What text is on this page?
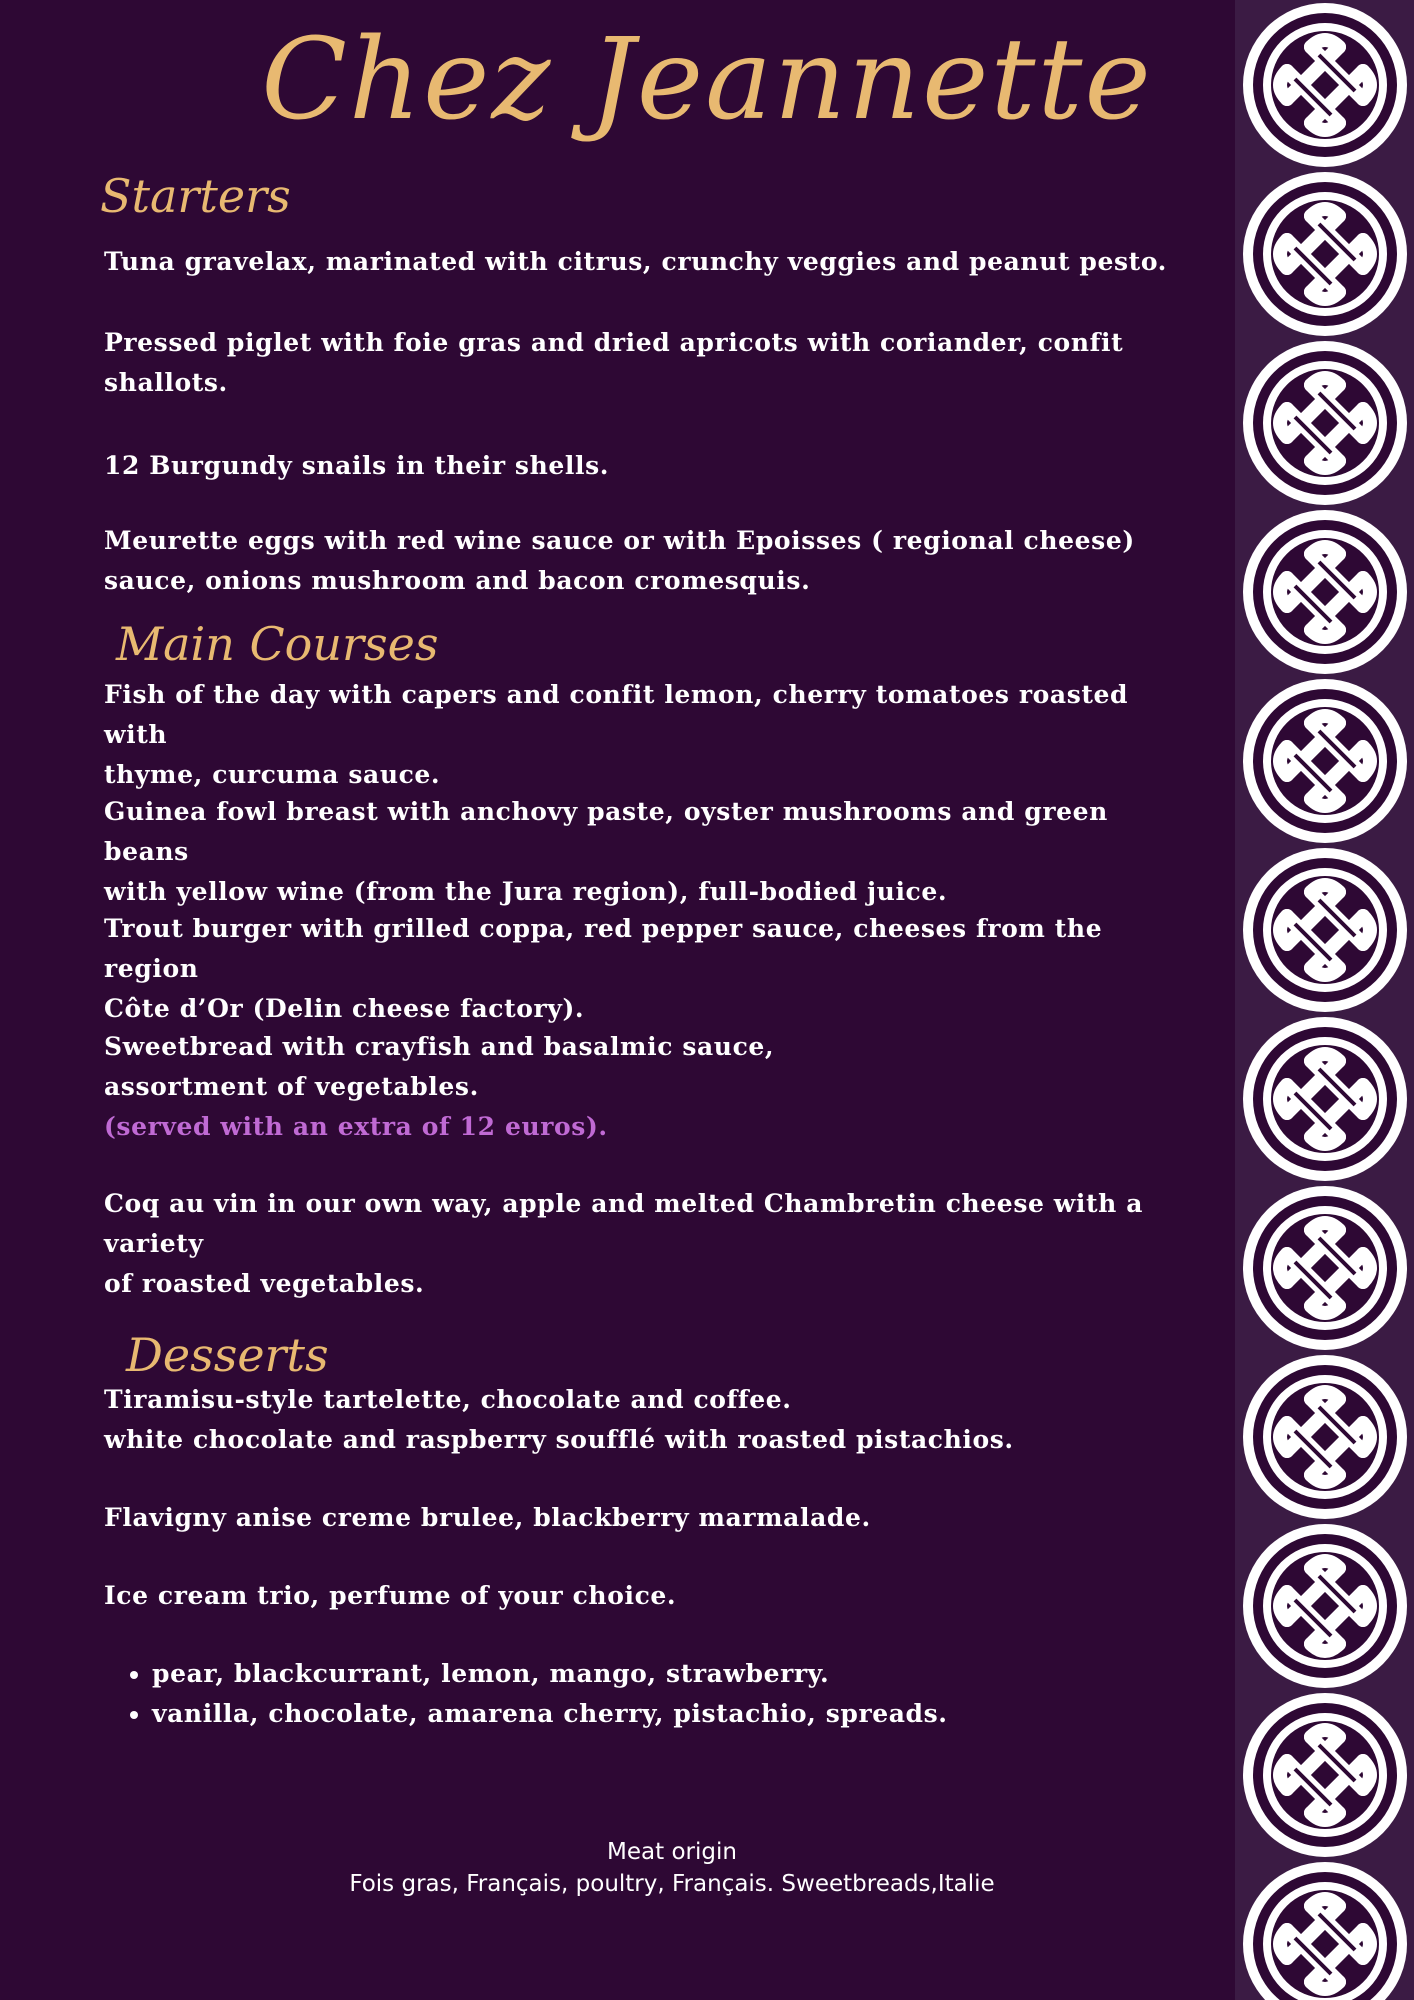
Chez Jeannette
Starters

Tuna gravelax, marinated with citrus, crunchy veggies and peanut pesto.

Pressed piglet with foie gras and dried apricots with coriander, confit
shallots.

12 Burgundy snails in their shells.

Meurette eggs with red wine sauce or with Epoisses ( regional cheese)
sauce, onions mushroom and bacon cromesquis.

Main Courses

Fish of the day with capers and confit lemon, cherry tomatoes roasted with
thyme, curcuma sauce.

Guinea fowl breast with anchovy paste, oyster mushrooms and green beans
with yellow wine (from the Jura region), full-bodied juice.

Trout burger with grilled coppa, red pepper sauce, cheeses from the region
Côte d’Or (Delin cheese factory).

Sweetbread with crayfish and basalmic sauce,
assortment of vegetables.
(served with an extra of 12 euros).

Coq au vin in our own way, apple and melted Chambretin cheese with a variety
of roasted vegetables.

Desserts

Tiramisu-style tartelette, chocolate and coffee.
white chocolate and raspberry soufflé with roasted pistachios.

Flavigny anise creme brulee, blackberry marmalade.

Ice cream trio, perfume of your choice.

• pear, blackcurrant, lemon, mango, strawberry.
• vanilla, chocolate, amarena cherry, pistachio, spreads.
Meat origin
Fois gras, Français, poultry, Français. Sweetbreads,Italie
